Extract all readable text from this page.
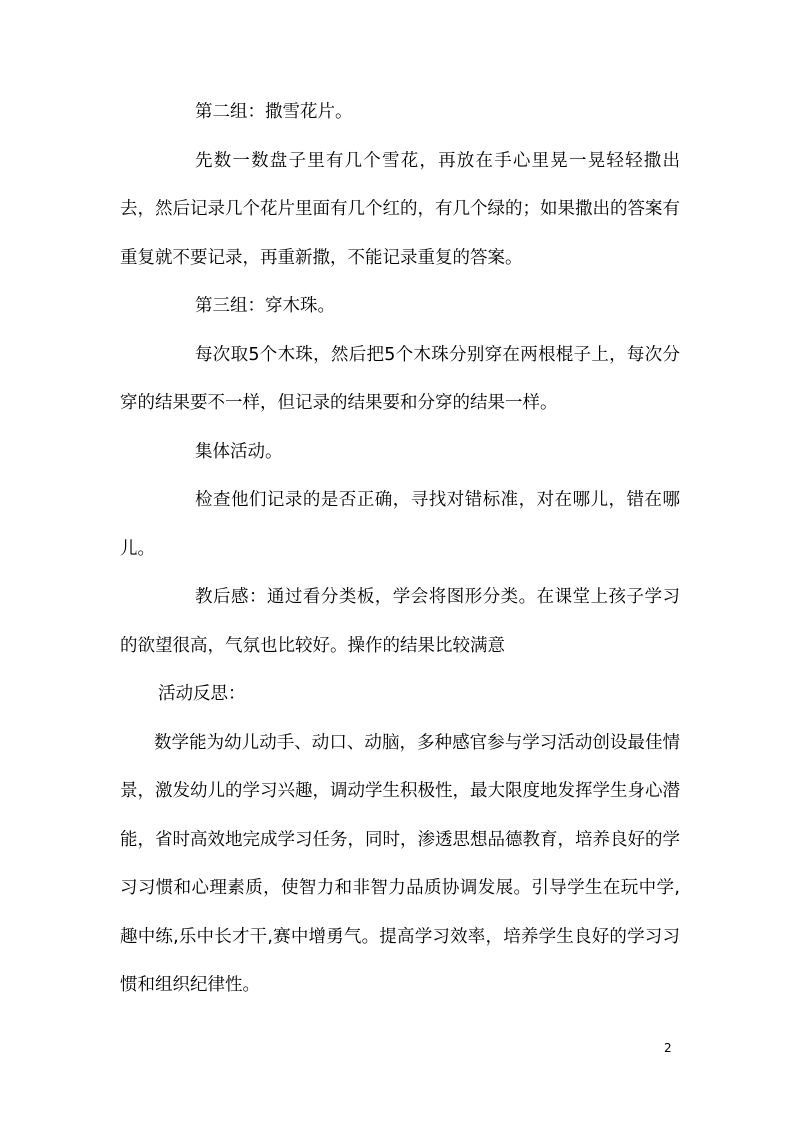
第二组：撒雪花片。

先数一数盘子里有几个雪花，再放在手心里晃一晃轻轻撒出去，然后记录几个花片里面有几个红的，有几个绿的；如果撒出的答案有重复就不要记录，再重新撒，不能记录重复的答案。

第三组：穿木珠。

每次取5个木珠，然后把5个木珠分别穿在两根棍子上，每次分穿的结果要不一样，但记录的结果要和分穿的结果一样。

集体活动。

检查他们记录的是否正确，寻找对错标准，对在哪儿，错在哪儿。

教后感：通过看分类板，学会将图形分类。在课堂上孩子学习的欲望很高，气氛也比较好。操作的结果比较满意

活动反思：

数学能为幼儿动手、动口、动脑，多种感官参与学习活动创设最佳情景，激发幼儿的学习兴趣，调动学生积极性，最大限度地发挥学生身心潜能，省时高效地完成学习任务，同时，渗透思想品德教育，培养良好的学习习惯和心理素质，使智力和非智力品质协调发展。引导学生在玩中学,趣中练,乐中长才干,赛中增勇气。提高学习效率，培养学生良好的学习习惯和组织纪律性。

2
